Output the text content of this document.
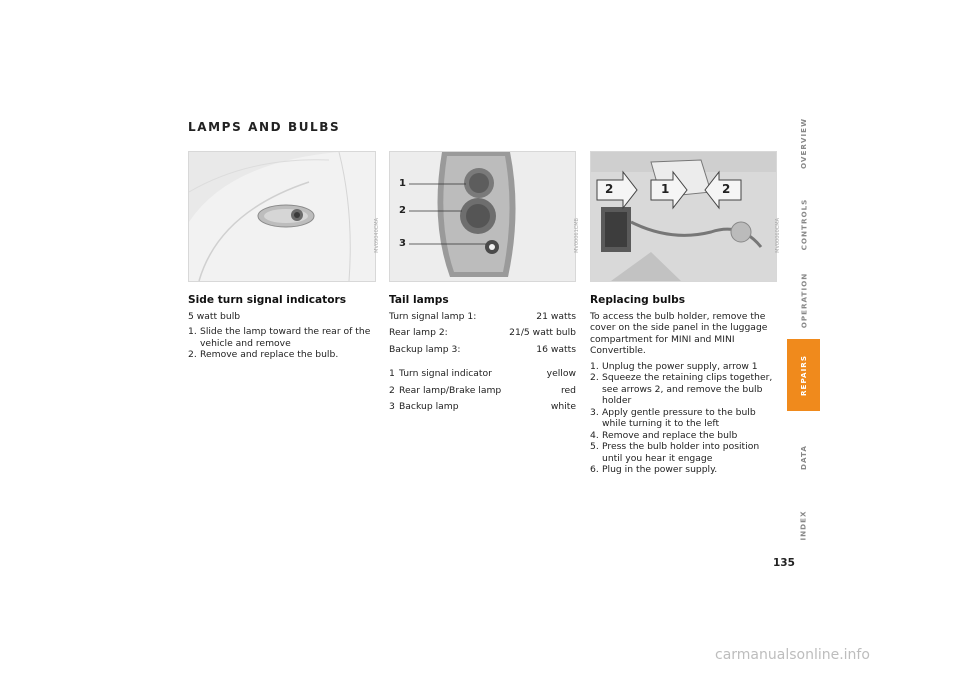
LAMPS AND BULBS
MV09040CMA
1
2
3	MV00061CMB
2	1	2
MV00060CMA
Side turn signal indicators

5 watt bulb

1. Slide the lamp toward the rear of the vehicle and remove
2. Remove and replace the bulb.
Tail lamps
Turn signal lamp 1:	21 watts
Rear lamp 2:	21/5 watt bulb
Backup lamp 3:	16 watts
1 Turn signal indicator	yellow
2 Rear lamp/Brake lamp	red
3 Backup lamp	white
Replacing bulbs

To access the bulb holder, remove the cover on the side panel in the luggage compartment for MINI and MINI Convertible.

1. Unplug the power supply, arrow 1
2. Squeeze the retaining clips together, see arrows 2, and remove the bulb holder
3. Apply gentle pressure to the bulb while turning it to the left
4. Remove and replace the bulb
5. Press the bulb holder into position until you hear it engage
6. Plug in the power supply.
OVERVIEW
CONTROLS
OPERATION
REPAIRS
DATA
INDEX
135
carmanualsonline.info
